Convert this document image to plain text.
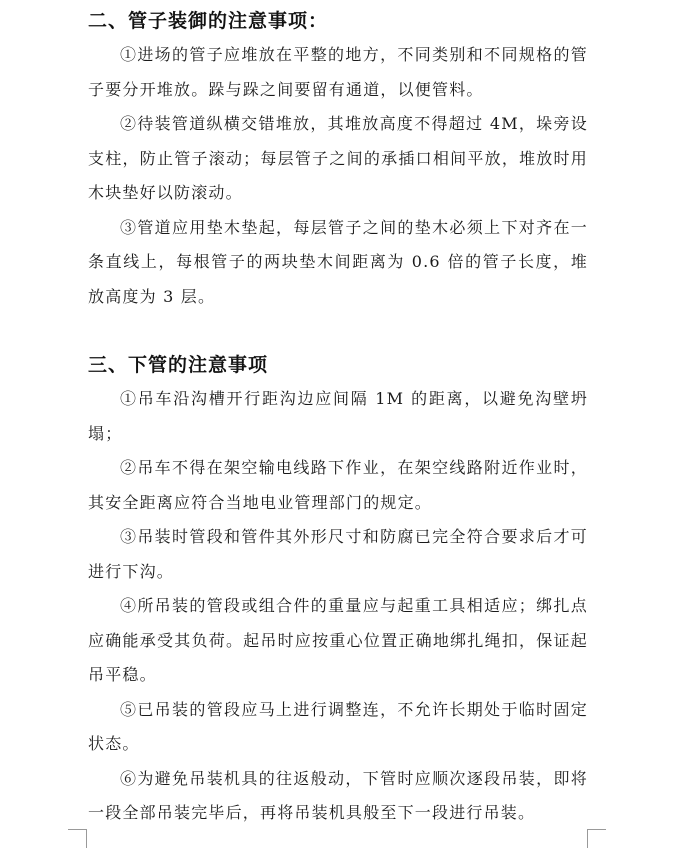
二、管子装御的注意事项：

①进场的管子应堆放在平整的地方，不同类别和不同规格的管子要分开堆放。跺与跺之间要留有通道，以便管料。

②待装管道纵横交错堆放，其堆放高度不得超过 4M，垛旁设支柱，防止管子滚动；每层管子之间的承插口相间平放，堆放时用木块垫好以防滚动。

③管道应用垫木垫起，每层管子之间的垫木必须上下对齐在一条直线上，每根管子的两块垫木间距离为 0.6 倍的管子长度，堆放高度为 3 层。

三、下管的注意事项

①吊车沿沟槽开行距沟边应间隔 1M 的距离，以避免沟壁坍塌；

②吊车不得在架空输电线路下作业，在架空线路附近作业时，其安全距离应符合当地电业管理部门的规定。

③吊装时管段和管件其外形尺寸和防腐已完全符合要求后才可进行下沟。

④所吊装的管段或组合件的重量应与起重工具相适应；绑扎点应确能承受其负荷。起吊时应按重心位置正确地绑扎绳扣，保证起吊平稳。

⑤已吊装的管段应马上进行调整连，不允许长期处于临时固定状态。

⑥为避免吊装机具的往返般动，下管时应顺次逐段吊装，即将一段全部吊装完毕后，再将吊装机具般至下一段进行吊装。
